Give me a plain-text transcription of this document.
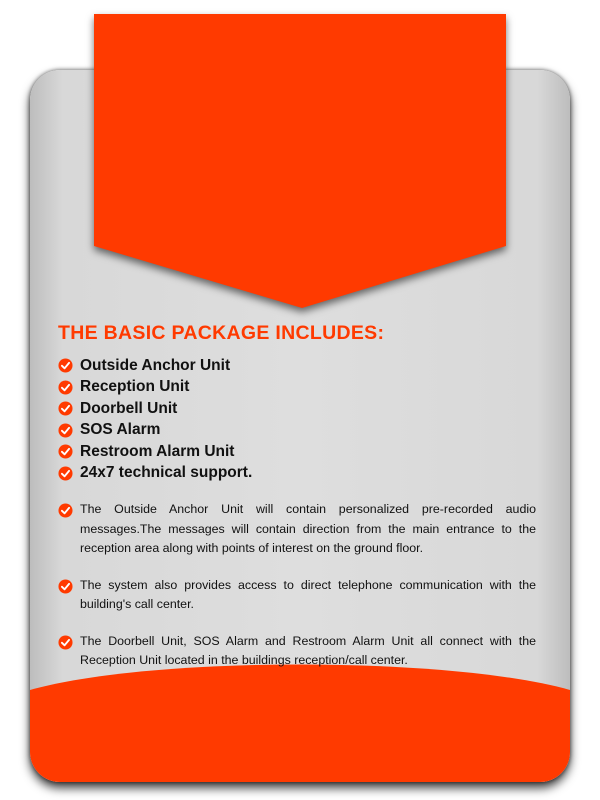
THE BASIC PACKAGE INCLUDES:
Outside Anchor Unit
Reception Unit
Doorbell Unit
SOS Alarm
Restroom Alarm Unit
24x7 technical support.
The Outside Anchor Unit will contain personalized pre-recorded audio messages.The messages will contain direction from the main entrance to the reception area along with points of interest on the ground floor.
The system also provides access to direct telephone communication with the building's call center.
The Doorbell Unit, SOS Alarm and Restroom Alarm Unit all connect with the Reception Unit located in the buildings reception/call center.
